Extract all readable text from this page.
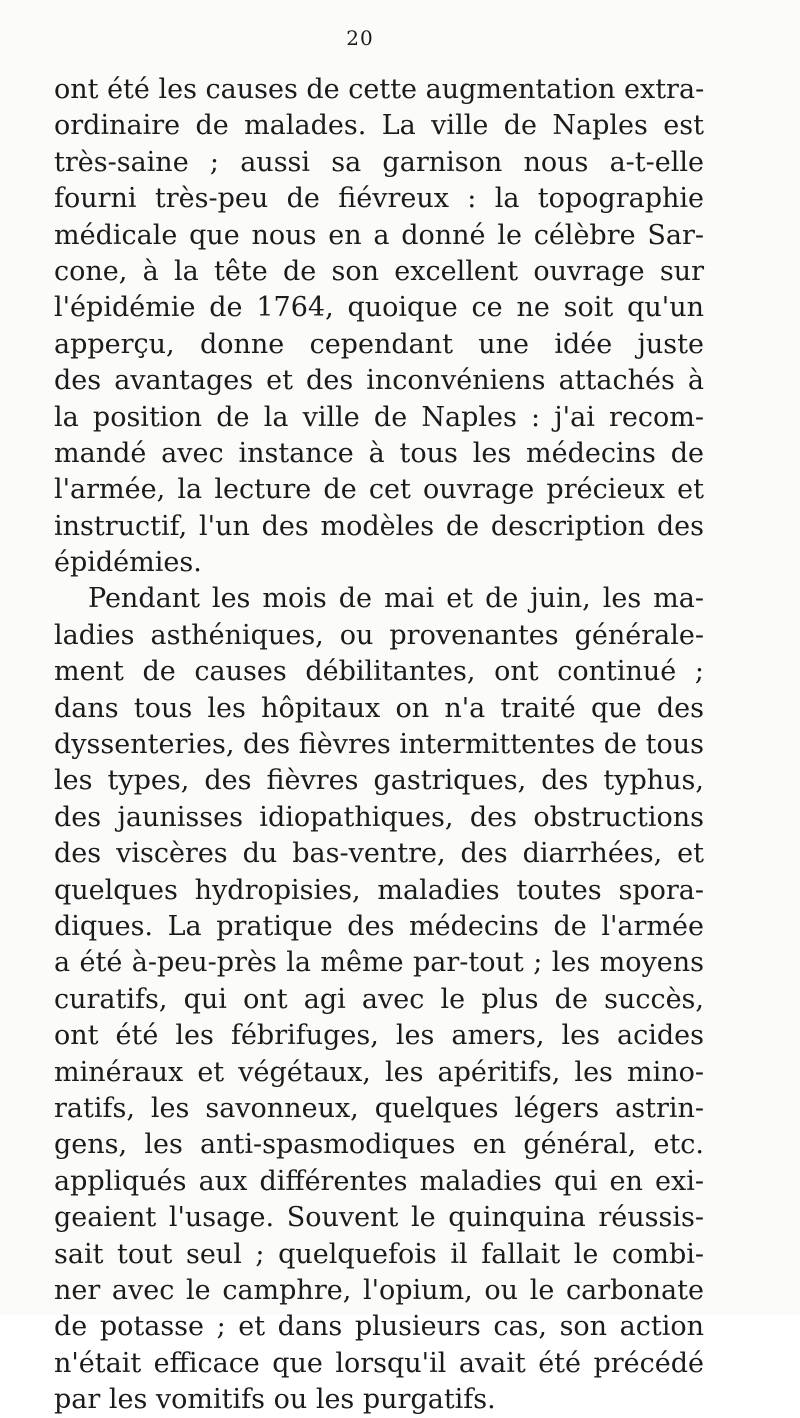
20
ont été les causes de cette augmentation extra-
ordinaire de malades. La ville de Naples est
très-saine ; aussi sa garnison nous a-t-elle
fourni très-peu de fiévreux : la topographie
médicale que nous en a donné le célèbre Sar-
cone, à la tête de son excellent ouvrage sur
l'épidémie de 1764, quoique ce ne soit qu'un
apperçu, donne cependant une idée juste
des avantages et des inconvéniens attachés à
la position de la ville de Naples : j'ai recom-
mandé avec instance à tous les médecins de
l'armée, la lecture de cet ouvrage précieux et
instructif, l'un des modèles de description des
épidémies.
Pendant les mois de mai et de juin, les ma-
ladies asthéniques, ou provenantes générale-
ment de causes débilitantes, ont continué ;
dans tous les hôpitaux on n'a traité que des
dyssenteries, des fièvres intermittentes de tous
les types, des fièvres gastriques, des typhus,
des jaunisses idiopathiques, des obstructions
des viscères du bas-ventre, des diarrhées, et
quelques hydropisies, maladies toutes spora-
diques. La pratique des médecins de l'armée
a été à-peu-près la même par-tout ; les moyens
curatifs, qui ont agi avec le plus de succès,
ont été les fébrifuges, les amers, les acides
minéraux et végétaux, les apéritifs, les mino-
ratifs, les savonneux, quelques légers astrin-
gens, les anti-spasmodiques en général, etc.
appliqués aux différentes maladies qui en exi-
geaient l'usage. Souvent le quinquina réussis-
sait tout seul ; quelquefois il fallait le combi-
ner avec le camphre, l'opium, ou le carbonate
de potasse ; et dans plusieurs cas, son action
n'était efficace que lorsqu'il avait été précédé
par les vomitifs ou les purgatifs.
